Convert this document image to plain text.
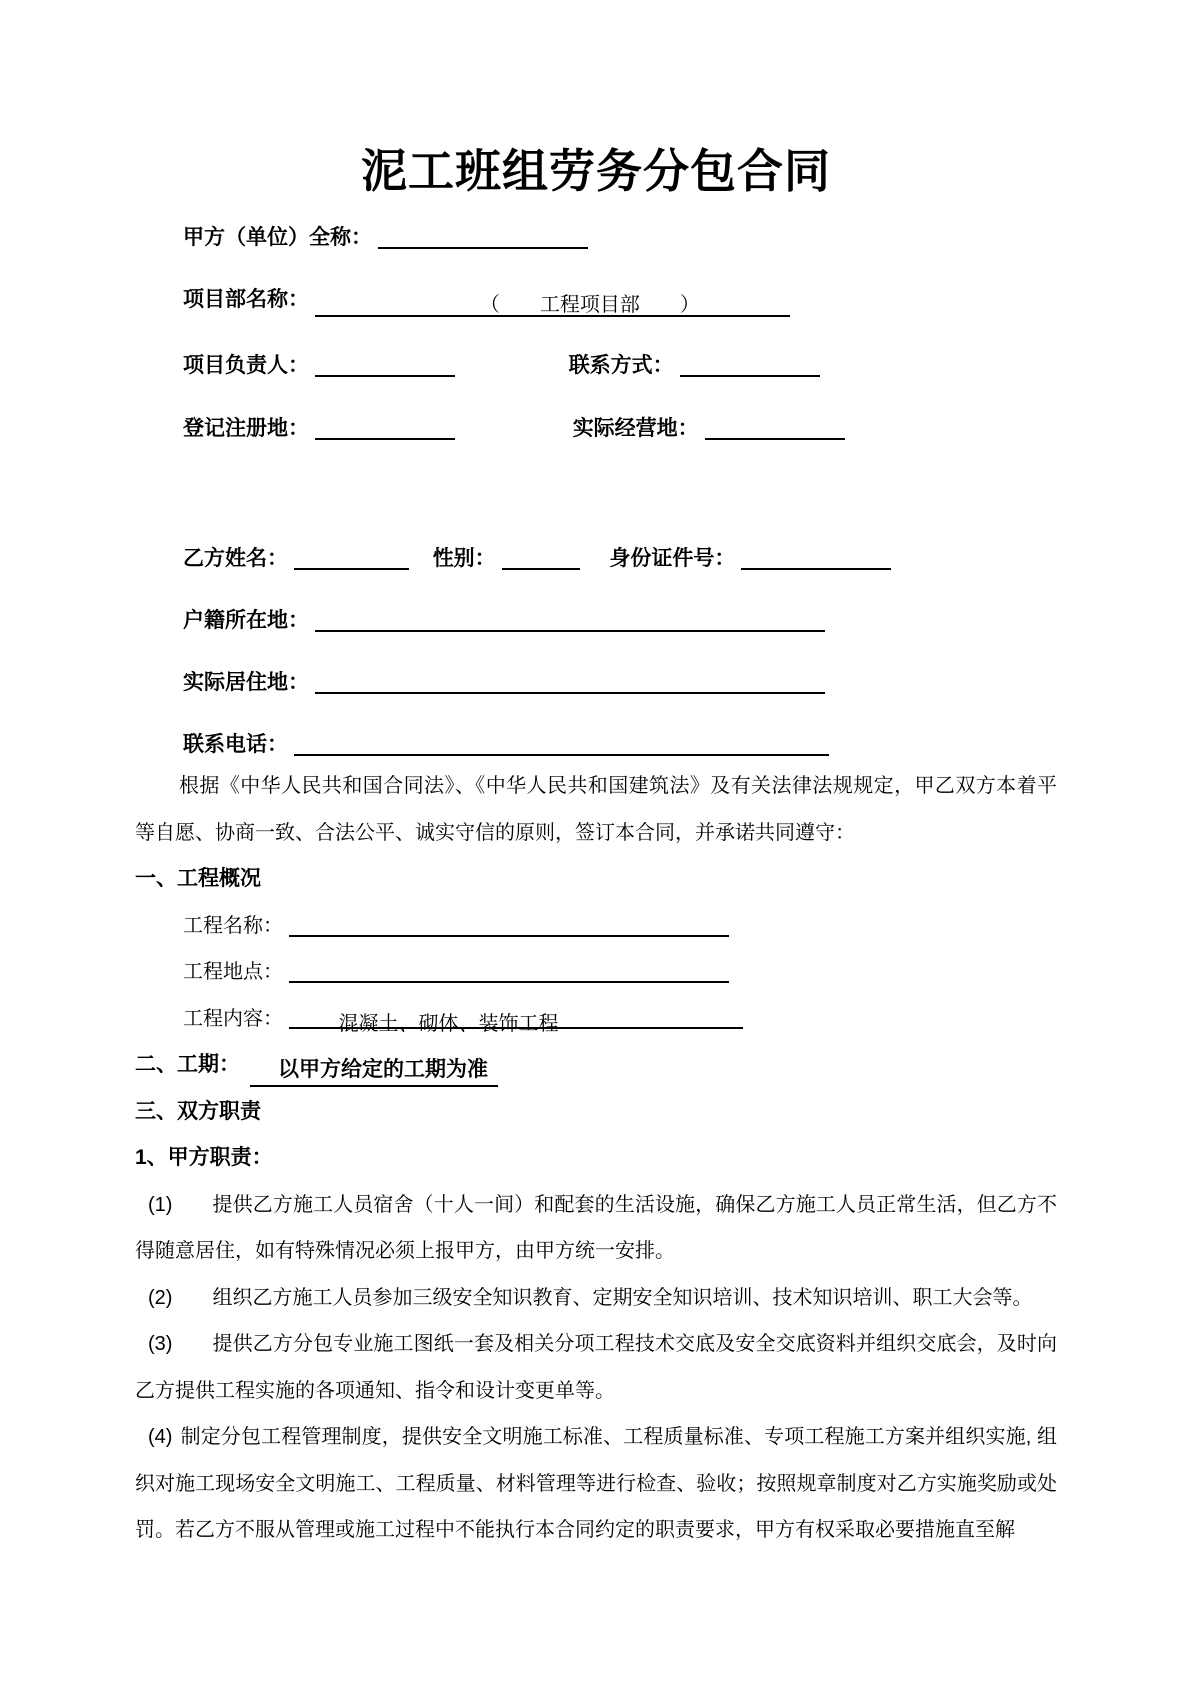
泥工班组劳务分包合同
甲方（单位）全称：
项目部名称：	（　　工程项目部　　）
项目负责人：	联系方式：
登记注册地：	实际经营地：
乙方姓名：	性别：	身份证件号：
户籍所在地：
实际居住地：
联系电话：

根据《中华人民共和国合同法》、《中华人民共和国建筑法》及有关法律法规规定，甲乙双方本着平等自愿、协商一致、合法公平、诚实守信的原则，签订本合同，并承诺共同遵守：

一、工程概况
工程名称：
工程地点：
工程内容：	混凝土、砌体、装饰工程
二、工期： 以甲方给定的工期为准
三、双方职责
1、甲方职责：

(1) 提供乙方施工人员宿舍（十人一间）和配套的生活设施，确保乙方施工人员正常生活，但乙方不得随意居住，如有特殊情况必须上报甲方，由甲方统一安排。

(2) 组织乙方施工人员参加三级安全知识教育、定期安全知识培训、技术知识培训、职工大会等。

(3) 提供乙方分包专业施工图纸一套及相关分项工程技术交底及安全交底资料并组织交底会，及时向乙方提供工程实施的各项通知、指令和设计变更单等。

(4) 制定分包工程管理制度，提供安全文明施工标准、工程质量标准、专项工程施工方案并组织实施, 组织对施工现场安全文明施工、工程质量、材料管理等进行检查、验收；按照规章制度对乙方实施奖励或处罚。若乙方不服从管理或施工过程中不能执行本合同约定的职责要求，甲方有权采取必要措施直至解
